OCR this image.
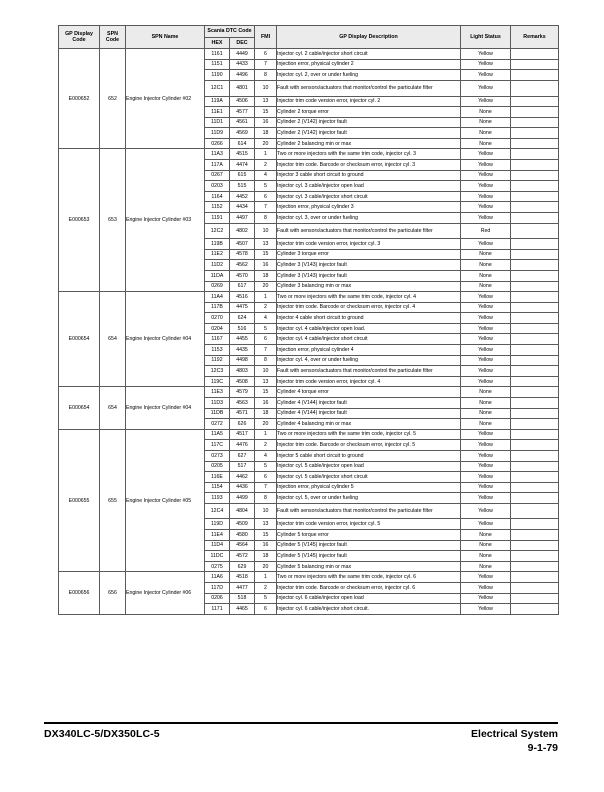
GP Display Code	SPN Code	SPN Name	Scania DTC Code		FMI	GP Display Description	Light Status	Remarks
			HEX	DEC				
E000652	652	Engine Injector Cylinder #02	1161	4449	6	Injector cyl. 2 cable/injector short circuit	Yellow	
			1151	4433	7	Injection error, physical cylinder 2	Yellow	
			1190	4496	8	Injector cyl. 2, over or under fueling	Yellow	
			12C1	4801	10	Fault with sensors/actuators that monitor/control the particulate filter	Yellow	
			119A	4506	13	Injector trim code version error, injector cyl. 2	Yellow	
			11E1	4577	15	Cylinder 2 torque error	None	
			11D1	4561	16	Cylinder 2 (V142) injector fault	None	
			11D9	4569	18	Cylinder 2 (V142) injector fault	None	
			0266	614	20	Cylinder 2 balancing min or max	None	
E000653	653	Engine Injector Cylinder #03	11A3	4515	1	Two or more injectors with the same trim code, injector cyl. 3	Yellow	
			117A	4474	2	Injector trim code. Barcode or checksum error, injector cyl. 3	Yellow	
			0267	615	4	Injector 3 cable short circuit to ground	Yellow	
			0203	515	5	Injector cyl. 3 cable/injector open load	Yellow	
			1164	4452	6	Injector cyl. 3 cable/injector short circuit	Yellow	
			1152	4434	7	Injection error, physical cylinder 3	Yellow	
			1191	4497	8	Injector cyl. 3, over or under fueling	Yellow	
			12C2	4802	10	Fault with sensors/actuators that monitor/control the particulate filter	Red	
			119B	4507	13	Injector trim code version error, injector cyl. 3	Yellow	
			11E2	4578	15	Cylinder 3 torque error	None	
			11D2	4562	16	Cylinder 3 (V143) injector fault	None	
			11DA	4570	18	Cylinder 3 (V143) injector fault	None	
			0269	617	20	Cylinder 3 balancing min or max	None	
E000654	654	Engine Injector Cylinder #04	11A4	4516	1	Two or more injectors with the same trim code, injector cyl. 4	Yellow	
			117B	4475	2	Injector trim code. Barcode or checksum error, injector cyl. 4	Yellow	
			0270	624	4	Injector 4 cable short circuit to ground	Yellow	
			0204	516	5	Injector cyl. 4 cable/injector open load.	Yellow	
			1167	4455	6	Injector cyl. 4 cable/injector short circuit	Yellow	
			1153	4435	7	Injection error, physical cylinder 4	Yellow	
			1192	4498	8	Injector cyl. 4, over or under fueling	Yellow	
			12C3	4803	10	Fault with sensors/actuators that monitor/control the particulate filter	Yellow	
			119C	4508	13	Injector trim code version error, injector cyl. 4	Yellow	
E000654	654	Engine Injector Cylinder #04	11E3	4579	15	Cylinder 4 torque error	None	
			11D3	4563	16	Cylinder 4 (V144) injector fault	None	
			11DB	4571	18	Cylinder 4 (V144) injector fault	None	
			0272	626	20	Cylinder 4 balancing min or max	None	
E000655	655	Engine Injector Cylinder #05	11A5	4517	1	Two or more injectors with the same trim code, injector cyl. 5	Yellow	
			117C	4476	2	Injector trim code. Barcode or checksum error, injector cyl. 5	Yellow	
			0273	627	4	Injector 5 cable short circuit to ground	Yellow	
			0205	517	5	Injector cyl. 5 cable/injector open load	Yellow	
			116E	4462	6	Injector cyl. 5 cable/injector short circuit	Yellow	
			1154	4436	7	Injection error, physical cylinder 5	Yellow	
			1193	4499	8	Injector cyl. 5, over or under fueling	Yellow	
			12C4	4804	10	Fault with sensors/actuators that monitor/control the particulate filter	Yellow	
			119D	4509	13	Injector trim code version error, injector cyl. 5	Yellow	
			11E4	4580	15	Cylinder 5 torque error	None	
			11D4	4564	16	Cylinder 5 (V145) injector fault	None	
			11DC	4572	18	Cylinder 5 (V145) injector fault	None	
			0275	629	20	Cylinder 5 balancing min or max	None	
E000656	656	Engine Injector Cylinder #06	11A6	4518	1	Two or more injectors with the same trim code, injector cyl. 6	Yellow	
			117D	4477	2	Injector trim code. Barcode or checksum error, injector cyl. 6	Yellow	
			0206	518	5	Injector cyl. 6 cable/injector open load	Yellow	
			1171	4465	6	Injector cyl. 6 cable/injector short circuit.	Yellow	
DX340LC-5/DX350LC-5	Electrical System
9-1-79
